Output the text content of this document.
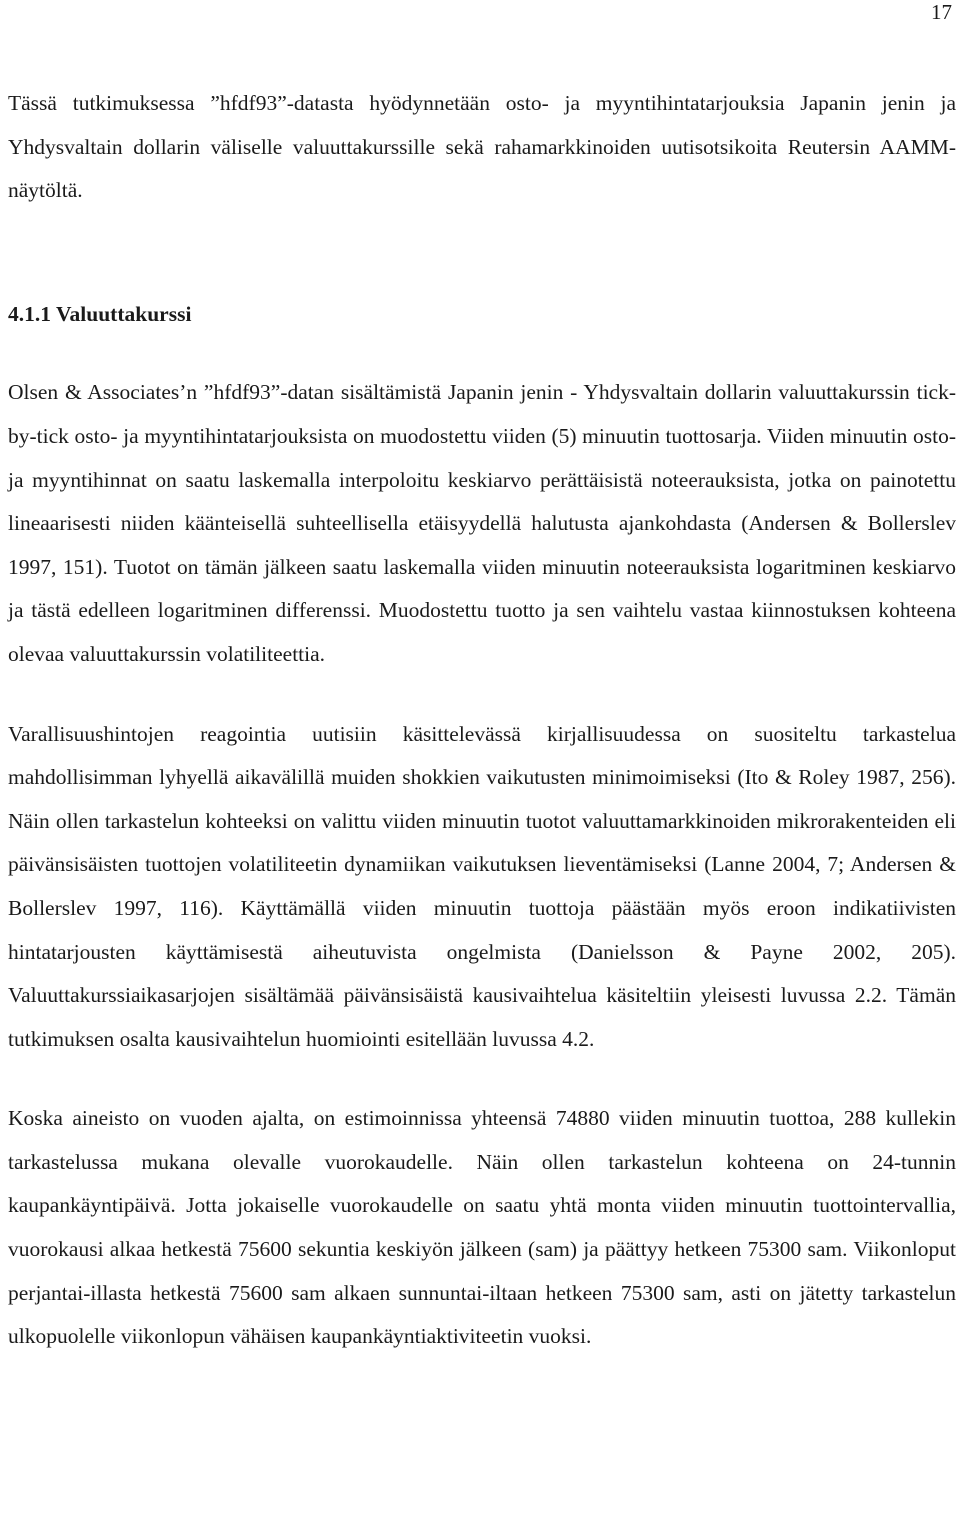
17

Tässä tutkimuksessa ”hfdf93”-datasta hyödynnetään osto- ja myyntihintatarjouksia Japanin jenin ja Yhdysvaltain dollarin väliselle valuuttakurssille sekä rahamarkkinoiden uutisotsikoita Reutersin AAMM-näytöltä.

4.1.1 Valuuttakurssi

Olsen & Associates’n ”hfdf93”-datan sisältämistä Japanin jenin - Yhdysvaltain dollarin valuuttakurssin tick-by-tick osto- ja myyntihintatarjouksista on muodostettu viiden (5) minuutin tuottosarja. Viiden minuutin osto- ja myyntihinnat on saatu laskemalla interpoloitu keskiarvo perättäisistä noteerauksista, jotka on painotettu lineaarisesti niiden käänteisellä suhteellisella etäisyydellä halutusta ajankohdasta (Andersen & Bollerslev 1997, 151). Tuotot on tämän jälkeen saatu laskemalla viiden minuutin noteerauksista logaritminen keskiarvo ja tästä edelleen logaritminen differenssi. Muodostettu tuotto ja sen vaihtelu vastaa kiinnostuksen kohteena olevaa valuuttakurssin volatiliteettia.

Varallisuushintojen reagointia uutisiin käsittelevässä kirjallisuudessa on suositeltu tarkastelua mahdollisimman lyhyellä aikavälillä muiden shokkien vaikutusten minimoimiseksi (Ito & Roley 1987, 256). Näin ollen tarkastelun kohteeksi on valittu viiden minuutin tuotot valuuttamarkkinoiden mikrorakenteiden eli päivänsisäisten tuottojen volatiliteetin dynamiikan vaikutuksen lieventämiseksi (Lanne 2004, 7; Andersen & Bollerslev 1997, 116). Käyttämällä viiden minuutin tuottoja päästään myös eroon indikatiivisten hintatarjousten käyttämisestä aiheutuvista ongelmista (Danielsson & Payne 2002, 205). Valuuttakurssiaikasarjojen sisältämää päivänsisäistä kausivaihtelua käsiteltiin yleisesti luvussa 2.2. Tämän tutkimuksen osalta kausivaihtelun huomiointi esitellään luvussa 4.2.

Koska aineisto on vuoden ajalta, on estimoinnissa yhteensä 74880 viiden minuutin tuottoa, 288 kullekin tarkastelussa mukana olevalle vuorokaudelle. Näin ollen tarkastelun kohteena on 24-tunnin kaupankäyntipäivä. Jotta jokaiselle vuorokaudelle on saatu yhtä monta viiden minuutin tuottointervallia, vuorokausi alkaa hetkestä 75600 sekuntia keskiyön jälkeen (sam) ja päättyy hetkeen 75300 sam. Viikonloput perjantai-illasta hetkestä 75600 sam alkaen sunnuntai-iltaan hetkeen 75300 sam, asti on jätetty tarkastelun ulkopuolelle viikonlopun vähäisen kaupankäyntiaktiviteetin vuoksi.
